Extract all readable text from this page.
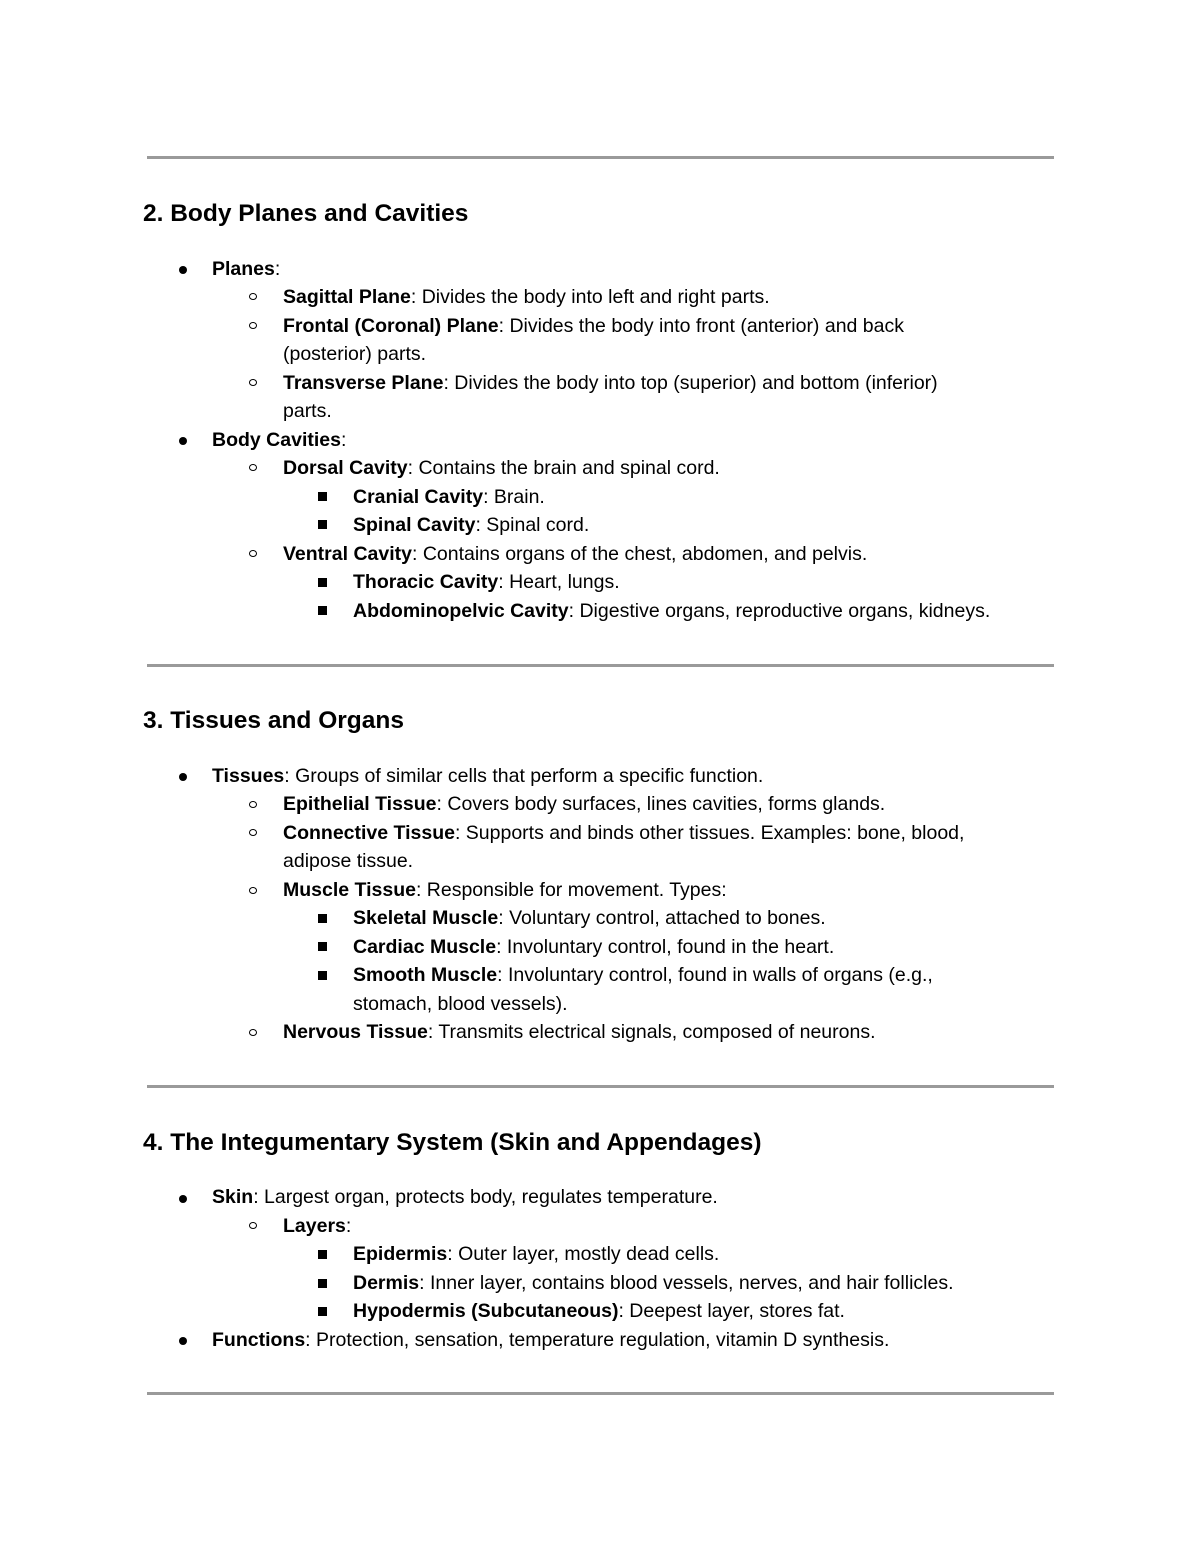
2. Body Planes and Cavities
Planes:
Sagittal Plane: Divides the body into left and right parts.
Frontal (Coronal) Plane: Divides the body into front (anterior) and back
(posterior) parts.
Transverse Plane: Divides the body into top (superior) and bottom (inferior)
parts.
Body Cavities:
Dorsal Cavity: Contains the brain and spinal cord.
Cranial Cavity: Brain.
Spinal Cavity: Spinal cord.
Ventral Cavity: Contains organs of the chest, abdomen, and pelvis.
Thoracic Cavity: Heart, lungs.
Abdominopelvic Cavity: Digestive organs, reproductive organs, kidneys.
3. Tissues and Organs
Tissues: Groups of similar cells that perform a specific function.
Epithelial Tissue: Covers body surfaces, lines cavities, forms glands.
Connective Tissue: Supports and binds other tissues. Examples: bone, blood,
adipose tissue.
Muscle Tissue: Responsible for movement. Types:
Skeletal Muscle: Voluntary control, attached to bones.
Cardiac Muscle: Involuntary control, found in the heart.
Smooth Muscle: Involuntary control, found in walls of organs (e.g.,
stomach, blood vessels).
Nervous Tissue: Transmits electrical signals, composed of neurons.
4. The Integumentary System (Skin and Appendages)
Skin: Largest organ, protects body, regulates temperature.
Layers:
Epidermis: Outer layer, mostly dead cells.
Dermis: Inner layer, contains blood vessels, nerves, and hair follicles.
Hypodermis (Subcutaneous): Deepest layer, stores fat.
Functions: Protection, sensation, temperature regulation, vitamin D synthesis.
